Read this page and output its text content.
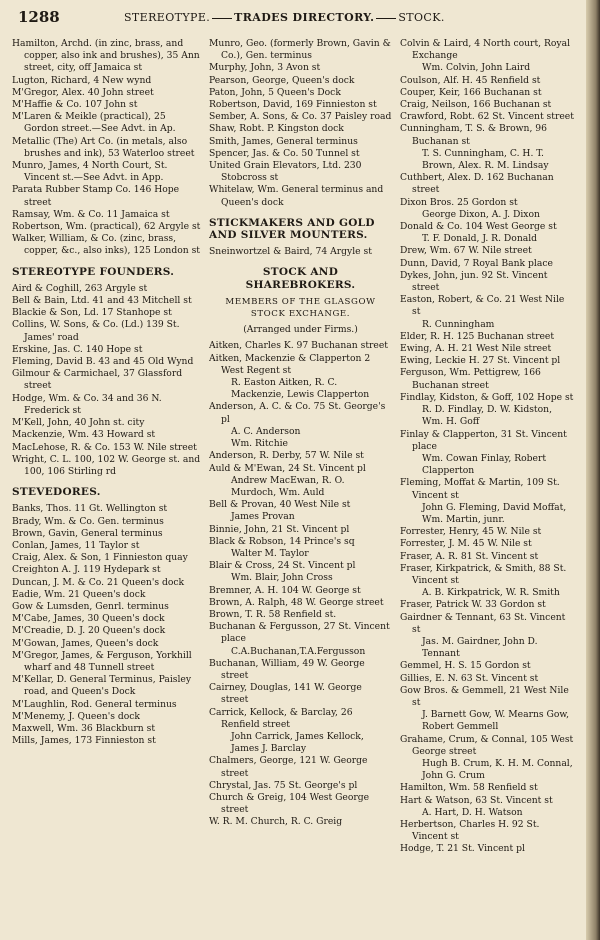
1288	STEREOTYPE. TRADES DIRECTORY. STOCK.

Hamilton, Archd. (in zinc, brass, and copper, also ink and brushes), 35 Ann street, city, off Jamaica st

Lugton, Richard, 4 New wynd

M'Gregor, Alex. 40 John street

M'Haffie & Co. 107 John st

M'Laren & Meikle (practical), 25 Gordon street.—See Advt. in Ap.

Metallic (The) Art Co. (in metals, also brushes and ink), 53 Waterloo street

Munro, James, 4 North Court, St. Vincent st.—See Advt. in App.

Parata Rubber Stamp Co. 146 Hope street

Ramsay, Wm. & Co. 11 Jamaica st

Robertson, Wm. (practical), 62 Argyle st

Walker, William, & Co. (zinc, brass, copper, &c., also inks), 125 London st

STEREOTYPE FOUNDERS.

Aird & Coghill, 263 Argyle st

Bell & Bain, Ltd. 41 and 43 Mitchell st

Blackie & Son, Ld. 17 Stanhope st

Collins, W. Sons, & Co. (Ld.) 139 St. James' road

Erskine, Jas. C. 140 Hope st

Fleming, David B. 43 and 45 Old Wynd

Gilmour & Carmichael, 37 Glassford street

Hodge, Wm. & Co. 34 and 36 N. Frederick st

M'Kell, John, 40 John st. city

Mackenzie, Wm. 43 Howard st

MacLehose, R. & Co. 153 W. Nile street

Wright, C. L. 100, 102 W. George st. and 100, 106 Stirling rd

STEVEDORES.

Banks, Thos. 11 Gt. Wellington st

Brady, Wm. & Co. Gen. terminus

Brown, Gavin, General terminus

Conlan, James, 11 Taylor st

Craig, Alex. & Son, 1 Finnieston quay

Creighton A. J. 119 Hydepark st

Duncan, J. M. & Co. 21 Queen's dock

Eadie, Wm. 21 Queen's dock

Gow & Lumsden, Genrl. terminus

M'Cabe, James, 30 Queen's dock

M'Creadie, D. J. 20 Queen's dock

M'Gowan, James, Queen's dock

M'Gregor, James, & Ferguson, Yorkhill wharf and 48 Tunnell street

M'Kellar, D. General Terminus, Paisley road, and Queen's Dock

M'Laughlin, Rod. General terminus

M'Menemy, J. Queen's dock

Maxwell, Wm. 36 Blackburn st

Mills, James, 173 Finnieston st

Munro, Geo. (formerly Brown, Gavin & Co.), Gen. terminus

Murphy, John, 3 Avon st

Pearson, George, Queen's dock

Paton, John, 5 Queen's Dock

Robertson, David, 169 Finnieston st

Sember, A. Sons, & Co. 37 Paisley road

Shaw, Robt. P. Kingston dock

Smith, James, General terminus

Spencer, Jas. & Co. 50 Tunnel st

United Grain Elevators, Ltd. 230 Stobcross st

Whitelaw, Wm. General terminus and Queen's dock

STICKMAKERS AND GOLD AND SILVER MOUNTERS.

Sneinwortzel & Baird, 74 Argyle st

STOCK AND SHAREBROKERS.
MEMBERS OF THE GLASGOW STOCK EXCHANGE.
(Arranged under Firms.)

Aitken, Charles K. 97 Buchanan street

Aitken, Mackenzie & Clapperton 2 West Regent st

R. Easton Aitken, R. C. Mackenzie, Lewis Clapperton

Anderson, A. C. & Co. 75 St. George's pl

A. C. Anderson

Wm. Ritchie

Anderson, R. Derby, 57 W. Nile st

Auld & M'Ewan, 24 St. Vincent pl

Andrew MacEwan, R. O. Murdoch, Wm. Auld

Bell & Provan, 40 West Nile st

James Provan

Binnie, John, 21 St. Vincent pl

Black & Robson, 14 Prince's sq

Walter M. Taylor

Blair & Cross, 24 St. Vincent pl

Wm. Blair, John Cross

Bremner, A. H. 104 W. George st

Brown, A. Ralph, 48 W. George street

Brown, T. R. 58 Renfield st.

Buchanan & Fergusson, 27 St. Vincent place

C.A.Buchanan,T.A.Fergusson

Buchanan, William, 49 W. George street

Cairney, Douglas, 141 W. George street

Carrick, Kellock, & Barclay, 26 Renfield street

John Carrick, James Kellock, James J. Barclay

Chalmers, George, 121 W. George street

Chrystal, Jas. 75 St. George's pl

Church & Greig, 104 West George street

W. R. M. Church, R. C. Greig

Colvin & Laird, 4 North court, Royal Exchange

Wm. Colvin, John Laird

Coulson, Alf. H. 45 Renfield st

Couper, Keir, 166 Buchanan st

Craig, Neilson, 166 Buchanan st

Crawford, Robt. 62 St. Vincent street

Cunningham, T. S. & Brown, 96 Buchanan st

T. S. Cunningham, C. H. T. Brown, Alex. R. M. Lindsay

Cuthbert, Alex. D. 162 Buchanan street

Dixon Bros. 25 Gordon st

George Dixon, A. J. Dixon

Donald & Co. 104 West George st

T. F. Donald, J. R. Donald

Drew, Wm. 67 W. Nile street

Dunn, David, 7 Royal Bank place

Dykes, John, jun. 92 St. Vincent street

Easton, Robert, & Co. 21 West Nile st

R. Cunningham

Elder, R. H. 125 Buchanan street

Ewing, A. H. 21 West Nile street

Ewing, Leckie H. 27 St. Vincent pl

Ferguson, Wm. Pettigrew, 166 Buchanan street

Findlay, Kidston, & Goff, 102 Hope st

R. D. Findlay, D. W. Kidston, Wm. H. Goff

Finlay & Clapperton, 31 St. Vincent place

Wm. Cowan Finlay, Robert Clapperton

Fleming, Moffat & Martin, 109 St. Vincent st

John G. Fleming, David Moffat, Wm. Martin, junr.

Forrester, Henry, 45 W. Nile st

Forrester, J. M. 45 W. Nile st

Fraser, A. R. 81 St. Vincent st

Fraser, Kirkpatrick, & Smith, 88 St. Vincent st

A. B. Kirkpatrick, W. R. Smith

Fraser, Patrick W. 33 Gordon st

Gairdner & Tennant, 63 St. Vincent st

Jas. M. Gairdner, John D. Tennant

Gemmel, H. S. 15 Gordon st

Gillies, E. N. 63 St. Vincent st

Gow Bros. & Gemmell, 21 West Nile st

J. Barnett Gow, W. Mearns Gow, Robert Gemmell

Grahame, Crum, & Connal, 105 West George street

Hugh B. Crum, K. H. M. Connal, John G. Crum

Hamilton, Wm. 58 Renfield st

Hart & Watson, 63 St. Vincent st

A. Hart, D. H. Watson

Herbertson, Charles H. 92 St. Vincent st

Hodge, T. 21 St. Vincent pl
